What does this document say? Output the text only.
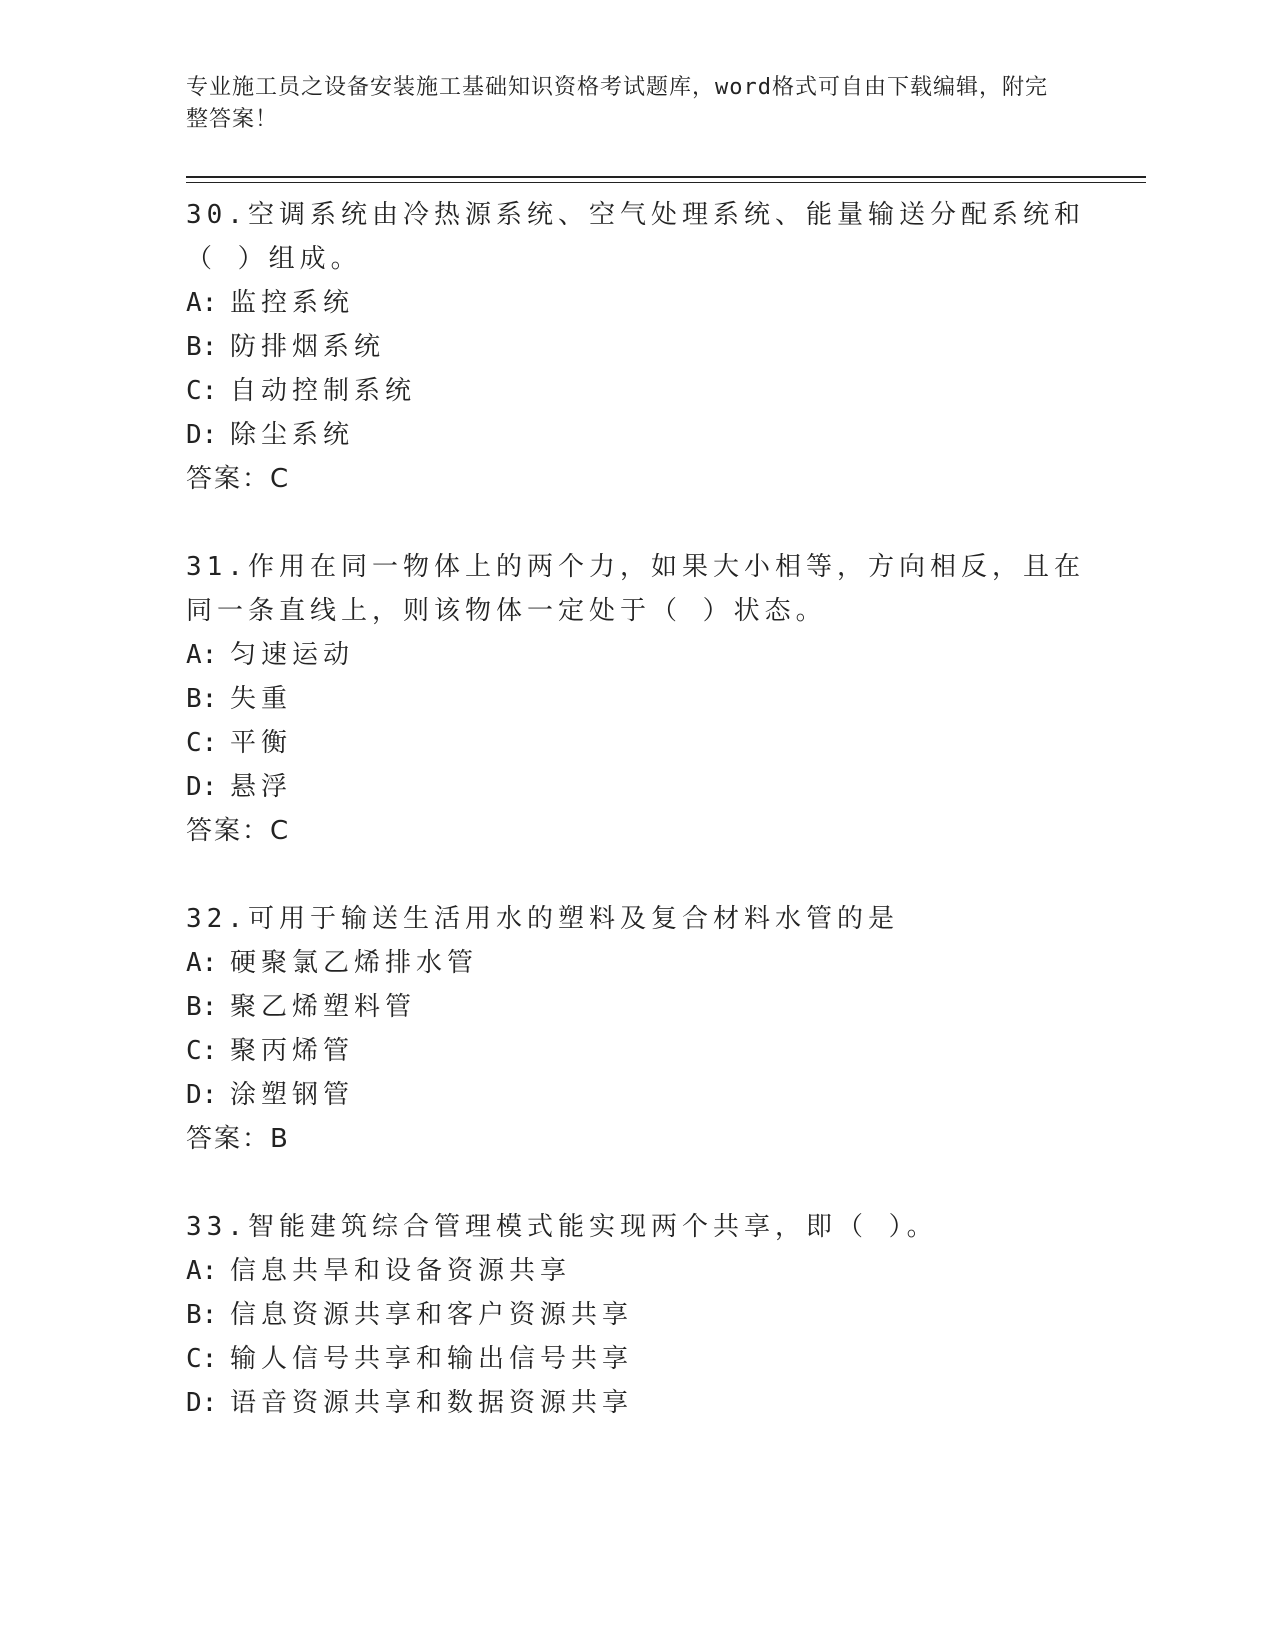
专业施工员之设备安装施工基础知识资格考试题库，word格式可自由下载编辑，附完整答案！
30.空调系统由冷热源系统、空气处理系统、能量输送分配系统和（ ）组成。
A: 监控系统
B: 防排烟系统
C: 自动控制系统
D: 除尘系统
答案：C
31.作用在同一物体上的两个力，如果大小相等，方向相反，且在同一条直线上，则该物体一定处于（ ）状态。
A: 匀速运动
B: 失重
C: 平衡
D: 悬浮
答案：C
32.可用于输送生活用水的塑料及复合材料水管的是
A: 硬聚氯乙烯排水管
B: 聚乙烯塑料管
C: 聚丙烯管
D: 涂塑钢管
答案：B
33.智能建筑综合管理模式能实现两个共享，即（ ）。
A: 信息共旱和设备资源共享
B: 信息资源共享和客户资源共享
C: 输人信号共享和输出信号共享
D: 语音资源共享和数据资源共享
